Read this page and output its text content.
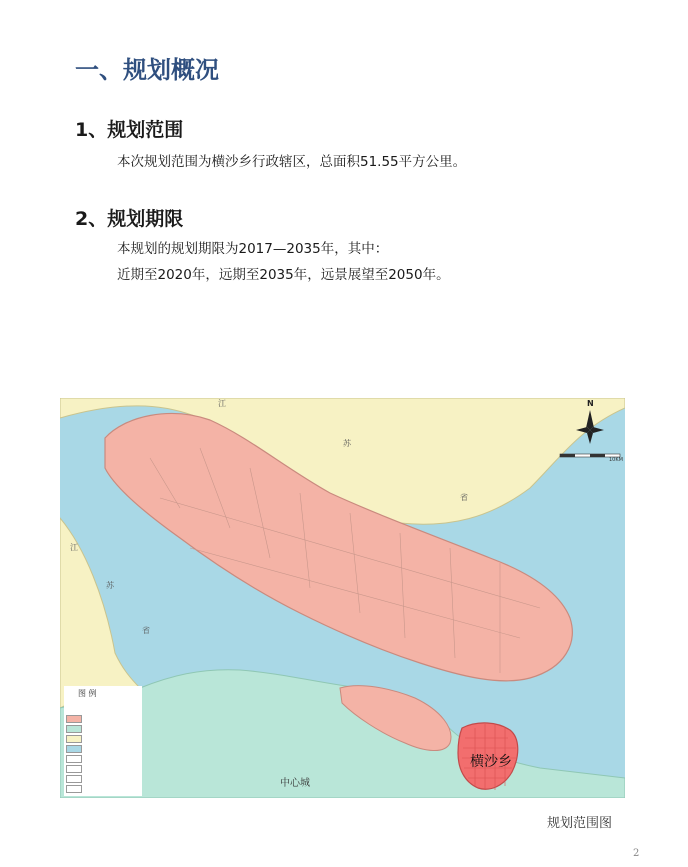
一、规划概况
1、规划范围
本次规划范围为横沙乡行政辖区，总面积51.55平方公里。
2、规划期限
本规划的规划期限为2017—2035年，其中：
近期至2020年，远期至2035年，远景展望至2050年。
N
10KM
江
苏
省
江
苏
省
中心城
横沙乡
图 例
规划范围图
2
